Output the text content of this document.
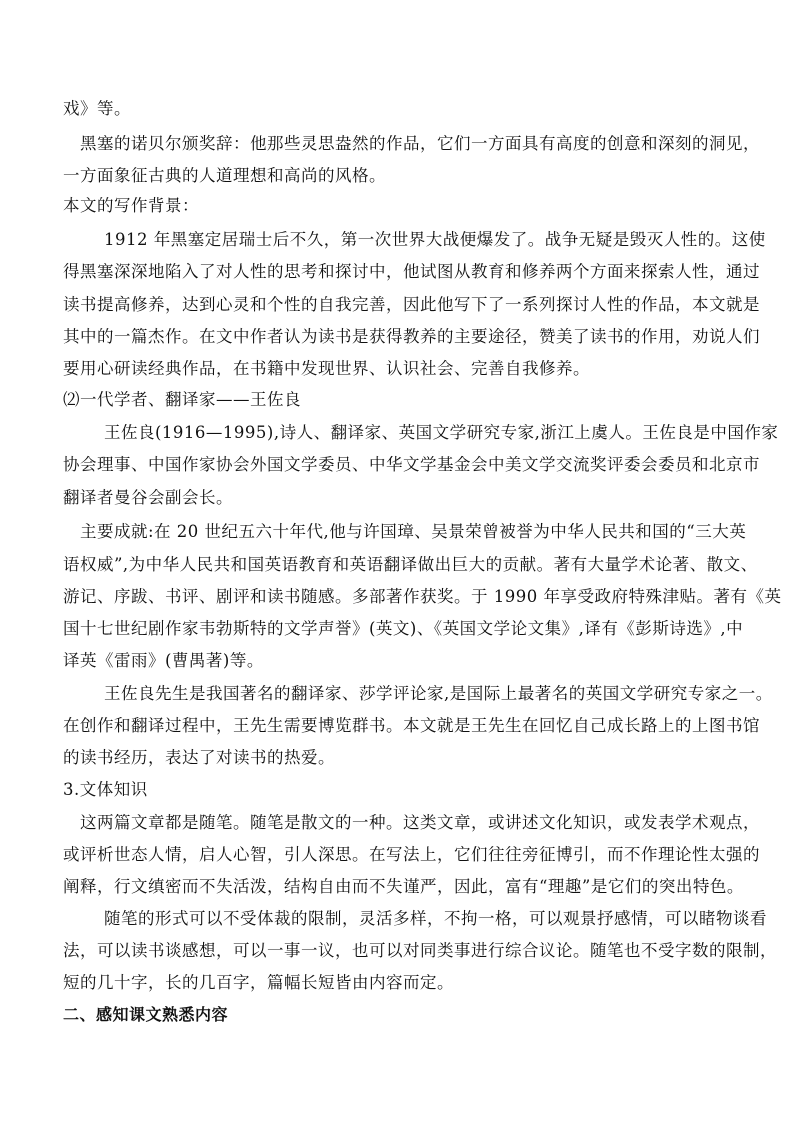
戏》等。
黑塞的诺贝尔颁奖辞：他那些灵思盎然的作品，它们一方面具有高度的创意和深刻的洞见，
一方面象征古典的人道理想和高尚的风格。
本文的写作背景：
1912 年黑塞定居瑞士后不久，第一次世界大战便爆发了。战争无疑是毁灭人性的。这使
得黑塞深深地陷入了对人性的思考和探讨中，他试图从教育和修养两个方面来探索人性，通过
读书提高修养，达到心灵和个性的自我完善，因此他写下了一系列探讨人性的作品，本文就是
其中的一篇杰作。在文中作者认为读书是获得教养的主要途径，赞美了读书的作用，劝说人们
要用心研读经典作品，在书籍中发现世界、认识社会、完善自我修养。
⑵一代学者、翻译家——王佐良
王佐良(1916—1995),诗人、翻译家、英国文学研究专家,浙江上虞人。王佐良是中国作家
协会理事、中国作家协会外国文学委员、中华文学基金会中美文学交流奖评委会委员和北京市
翻译者曼谷会副会长。
主要成就:在 20 世纪五六十年代,他与许国璋、吴景荣曾被誉为中华人民共和国的“三大英
语权威”,为中华人民共和国英语教育和英语翻译做出巨大的贡献。著有大量学术论著、散文、
游记、序跋、书评、剧评和读书随感。多部著作获奖。于 1990 年享受政府特殊津贴。著有《英
国十七世纪剧作家韦勃斯特的文学声誉》(英文)、《英国文学论文集》,译有《彭斯诗选》,中
译英《雷雨》(曹禺著)等。
王佐良先生是我国著名的翻译家、莎学评论家,是国际上最著名的英国文学研究专家之一。
在创作和翻译过程中，王先生需要博览群书。本文就是王先生在回忆自己成长路上的上图书馆
的读书经历，表达了对读书的热爱。
3.文体知识
这两篇文章都是随笔。随笔是散文的一种。这类文章，或讲述文化知识，或发表学术观点，
或评析世态人情，启人心智，引人深思。在写法上，它们往往旁征博引，而不作理论性太强的
阐释，行文缜密而不失活泼，结构自由而不失谨严，因此，富有“理趣”是它们的突出特色。
随笔的形式可以不受体裁的限制，灵活多样，不拘一格，可以观景抒感情，可以睹物谈看
法，可以读书谈感想，可以一事一议，也可以对同类事进行综合议论。随笔也不受字数的限制，
短的几十字，长的几百字，篇幅长短皆由内容而定。
二、感知课文熟悉内容
